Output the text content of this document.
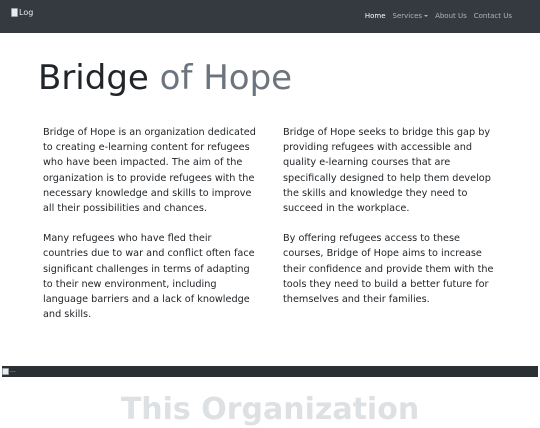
Log	Home Services	About Us Contact Us
Bridge of Hope

Bridge of Hope is an organization dedicated to creating e-learning content for refugees who have been impacted. The aim of the organization is to provide refugees with the necessary knowledge and skills to improve all their possibilities and chances.

Many refugees who have fled their countries due to war and conflict often face significant challenges in terms of adapting to their new environment, including language barriers and a lack of knowledge and skills.

Bridge of Hope seeks to bridge this gap by providing refugees with accessible and quality e-learning courses that are specifically designed to help them develop the skills and knowledge they need to succeed in the workplace.

By offering refugees access to these courses, Bridge of Hope aims to increase their confidence and provide them with the tools they need to build a better future for themselves and their families.

...
This Organization
